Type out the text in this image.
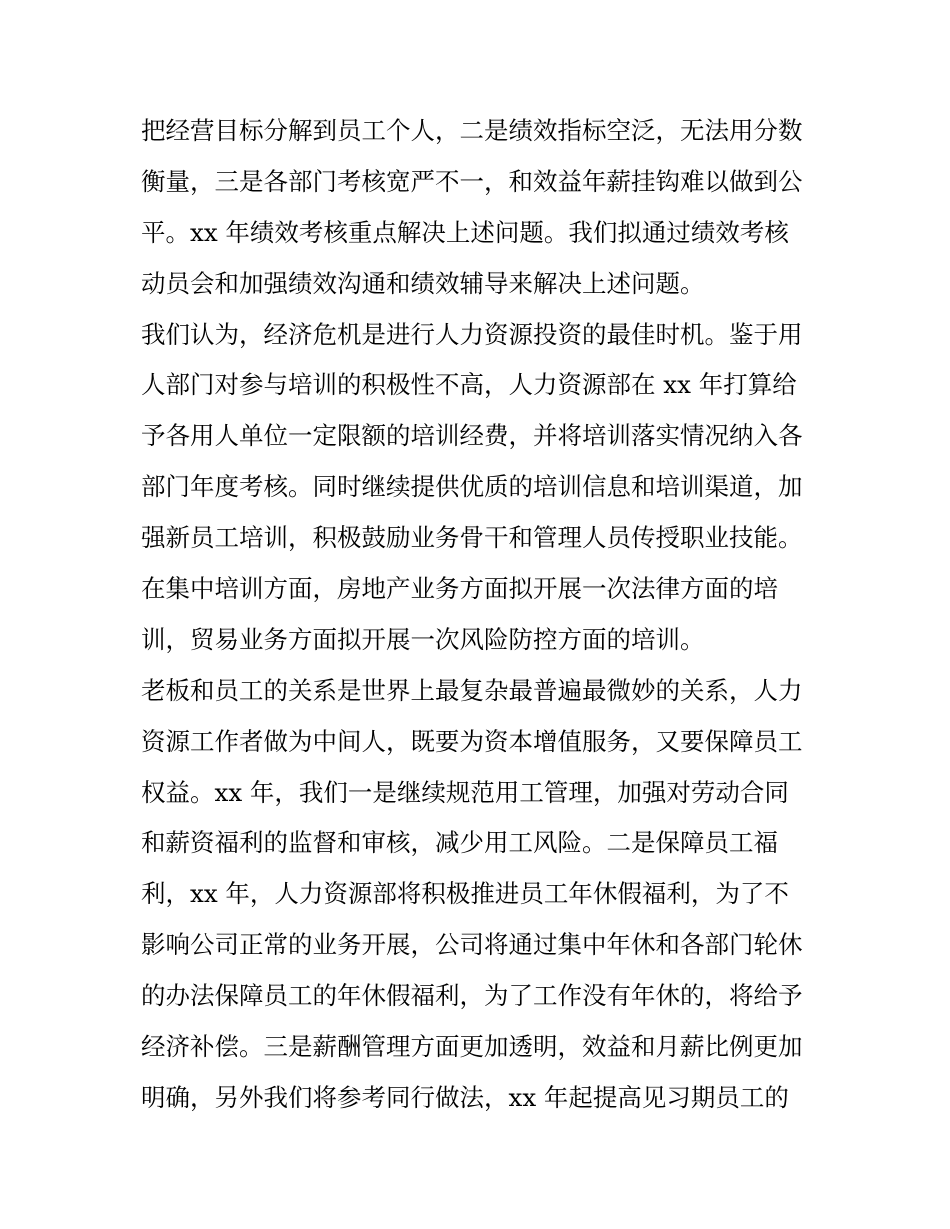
把经营目标分解到员工个人，二是绩效指标空泛，无法用分数
衡量，三是各部门考核宽严不一，和效益年薪挂钩难以做到公
平。xx 年绩效考核重点解决上述问题。我们拟通过绩效考核
动员会和加强绩效沟通和绩效辅导来解决上述问题。
我们认为，经济危机是进行人力资源投资的最佳时机。鉴于用
人部门对参与培训的积极性不高，人力资源部在 xx 年打算给
予各用人单位一定限额的培训经费，并将培训落实情况纳入各
部门年度考核。同时继续提供优质的培训信息和培训渠道，加
强新员工培训，积极鼓励业务骨干和管理人员传授职业技能。
在集中培训方面，房地产业务方面拟开展一次法律方面的培
训，贸易业务方面拟开展一次风险防控方面的培训。
老板和员工的关系是世界上最复杂最普遍最微妙的关系，人力
资源工作者做为中间人，既要为资本增值服务，又要保障员工
权益。xx 年，我们一是继续规范用工管理，加强对劳动合同
和薪资福利的监督和审核，减少用工风险。二是保障员工福
利，xx 年，人力资源部将积极推进员工年休假福利，为了不
影响公司正常的业务开展，公司将通过集中年休和各部门轮休
的办法保障员工的年休假福利，为了工作没有年休的，将给予
经济补偿。三是薪酬管理方面更加透明，效益和月薪比例更加
明确，另外我们将参考同行做法，xx 年起提高见习期员工的
